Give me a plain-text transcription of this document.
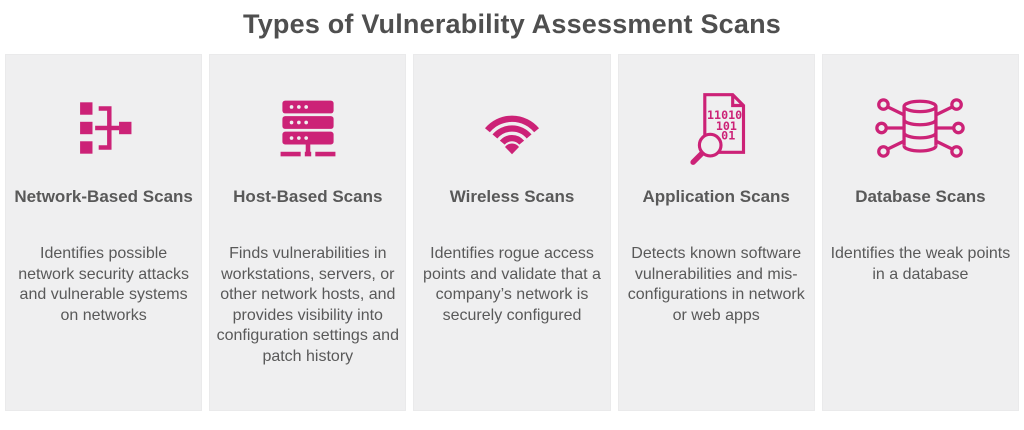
Types of Vulnerability Assessment Scans
Network-Based Scans

Identifies possible network security attacks and vulnerable systems on networks

Host-Based Scans

Finds vulnerabilities in workstations, servers, or other network hosts, and provides visibility into configuration settings and patch history

Wireless Scans

Identifies rogue access points and validate that a company’s network is securely configured

11010
101
01
Application Scans

Detects known software vulnerabilities and mis-configurations in network or web apps

Database Scans

Identifies the weak points in a database
